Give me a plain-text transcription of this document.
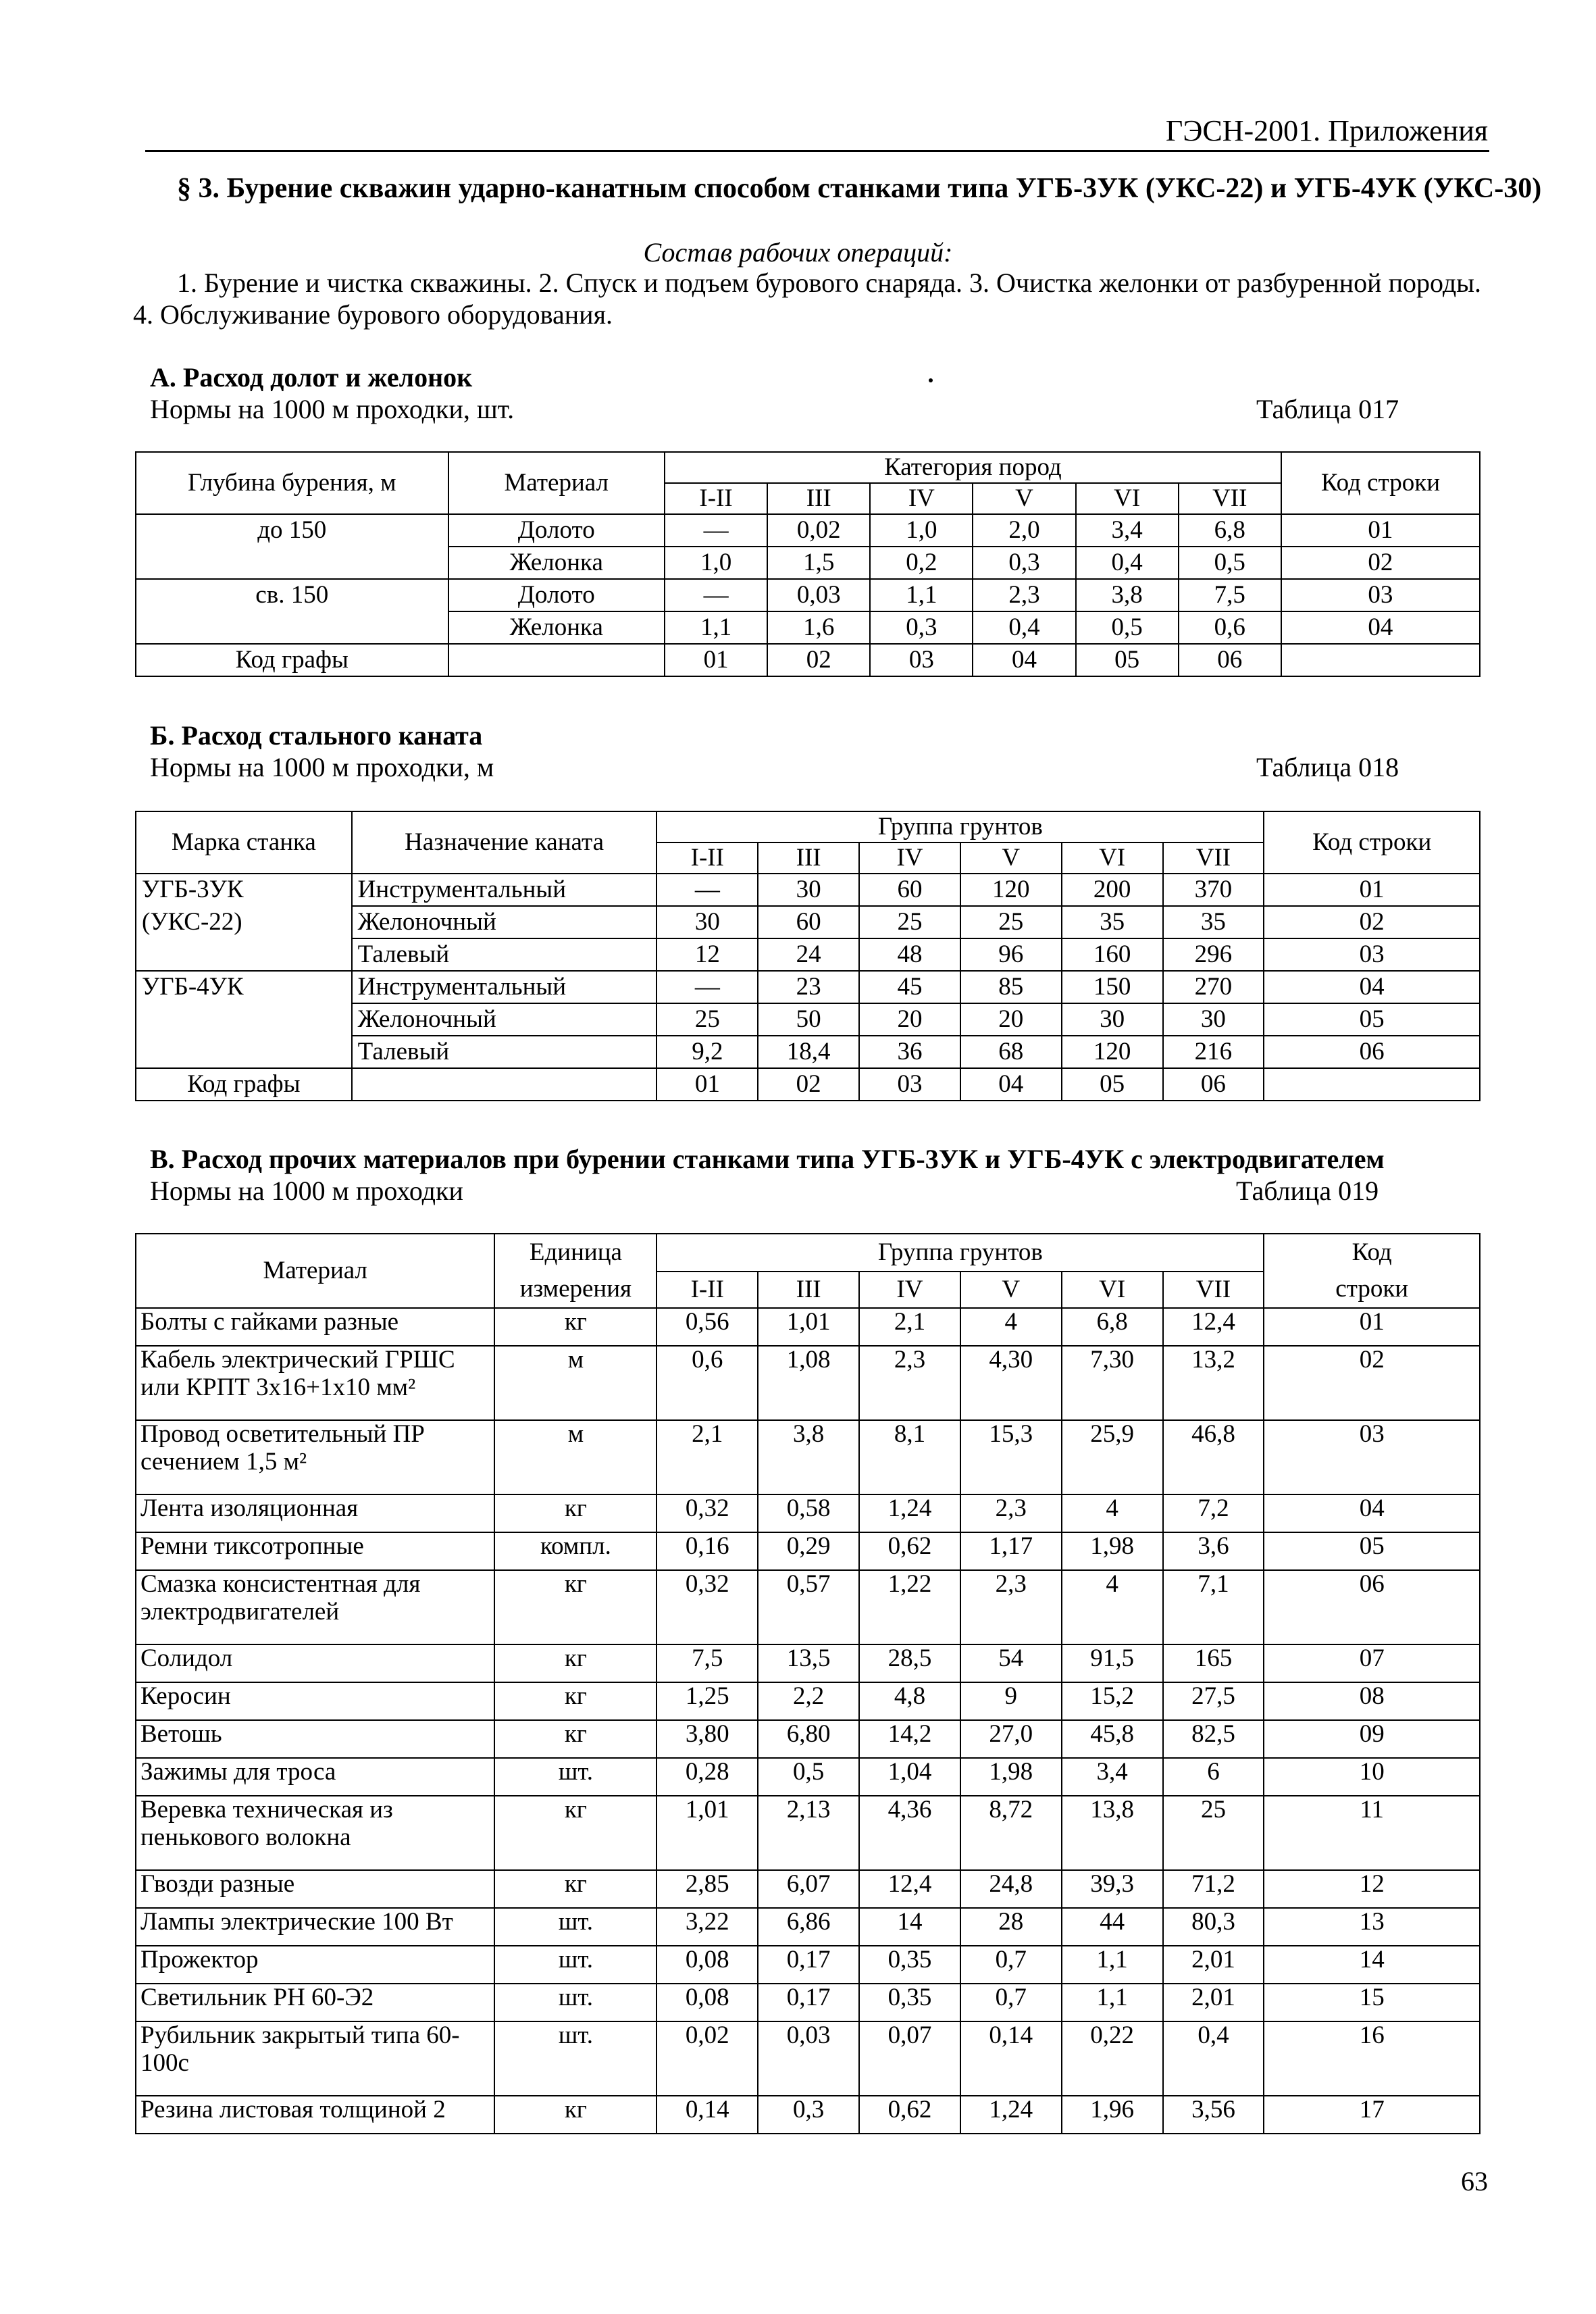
ГЭСН-2001. Приложения
§ 3. Бурение скважин ударно-канатным способом станками типа УГБ-3УК (УКС-22) и УГБ-4УК (УКС-30)
Состав рабочих операций:
1. Бурение и чистка скважины. 2. Спуск и подъем бурового снаряда. 3. Очистка желонки от разбуренной породы.
4. Обслуживание бурового оборудования.
А. Расход долот и желонок
Нормы на 1000 м проходки, шт.	Таблица 017
Глубина бурения, м	Материал	Категория пород						Код строки
		I-II	III	IV	V	VI	VII	
до 150	Долото	—	0,02	1,0	2,0	3,4	6,8	01
	Желонка	1,0	1,5	0,2	0,3	0,4	0,5	02
св. 150	Долото	—	0,03	1,1	2,3	3,8	7,5	03
	Желонка	1,1	1,6	0,3	0,4	0,5	0,6	04
Код графы		01	02	03	04	05	06	
Б. Расход стального каната
Нормы на 1000 м проходки, м	Таблица 018
Марка станка	Назначение каната	Группа грунтов						Код строки
		I-II	III	IV	V	VI	VII	
УГБ-3УК	Инструментальный	—	30	60	120	200	370	01
(УКС-22)	Желоночный	30	60	25	25	35	35	02
	Талевый	12	24	48	96	160	296	03
УГБ-4УК	Инструментальный	—	23	45	85	150	270	04
	Желоночный	25	50	20	20	30	30	05
	Талевый	9,2	18,4	36	68	120	216	06
Код графы		01	02	03	04	05	06	
В. Расход прочих материалов при бурении станками типа УГБ-3УК и УГБ-4УК с электродвигателем
Нормы на 1000 м проходки	Таблица 019
Материал	Единица	Группа грунтов						Код
	измерения	I-II	III	IV	V	VI	VII	строки
Болты с гайками разные	кг	0,56	1,01	2,1	4	6,8	12,4	01
Кабель электрический ГРШС или КРПТ 3х16+1х10 мм²	м	0,6	1,08	2,3	4,30	7,30	13,2	02
Провод осветительный ПР сечением 1,5 м²	м	2,1	3,8	8,1	15,3	25,9	46,8	03
Лента изоляционная	кг	0,32	0,58	1,24	2,3	4	7,2	04
Ремни тиксотропные	компл.	0,16	0,29	0,62	1,17	1,98	3,6	05
Смазка консистентная для электродвигателей	кг	0,32	0,57	1,22	2,3	4	7,1	06
Солидол	кг	7,5	13,5	28,5	54	91,5	165	07
Керосин	кг	1,25	2,2	4,8	9	15,2	27,5	08
Ветошь	кг	3,80	6,80	14,2	27,0	45,8	82,5	09
Зажимы для троса	шт.	0,28	0,5	1,04	1,98	3,4	6	10
Веревка техническая из пенькового волокна	кг	1,01	2,13	4,36	8,72	13,8	25	11
Гвозди разные	кг	2,85	6,07	12,4	24,8	39,3	71,2	12
Лампы электрические 100 Вт	шт.	3,22	6,86	14	28	44	80,3	13
Прожектор	шт.	0,08	0,17	0,35	0,7	1,1	2,01	14
Светильник РН 60-Э2	шт.	0,08	0,17	0,35	0,7	1,1	2,01	15
Рубильник закрытый типа 60-100с	шт.	0,02	0,03	0,07	0,14	0,22	0,4	16
Резина листовая толщиной 2	кг	0,14	0,3	0,62	1,24	1,96	3,56	17
63
